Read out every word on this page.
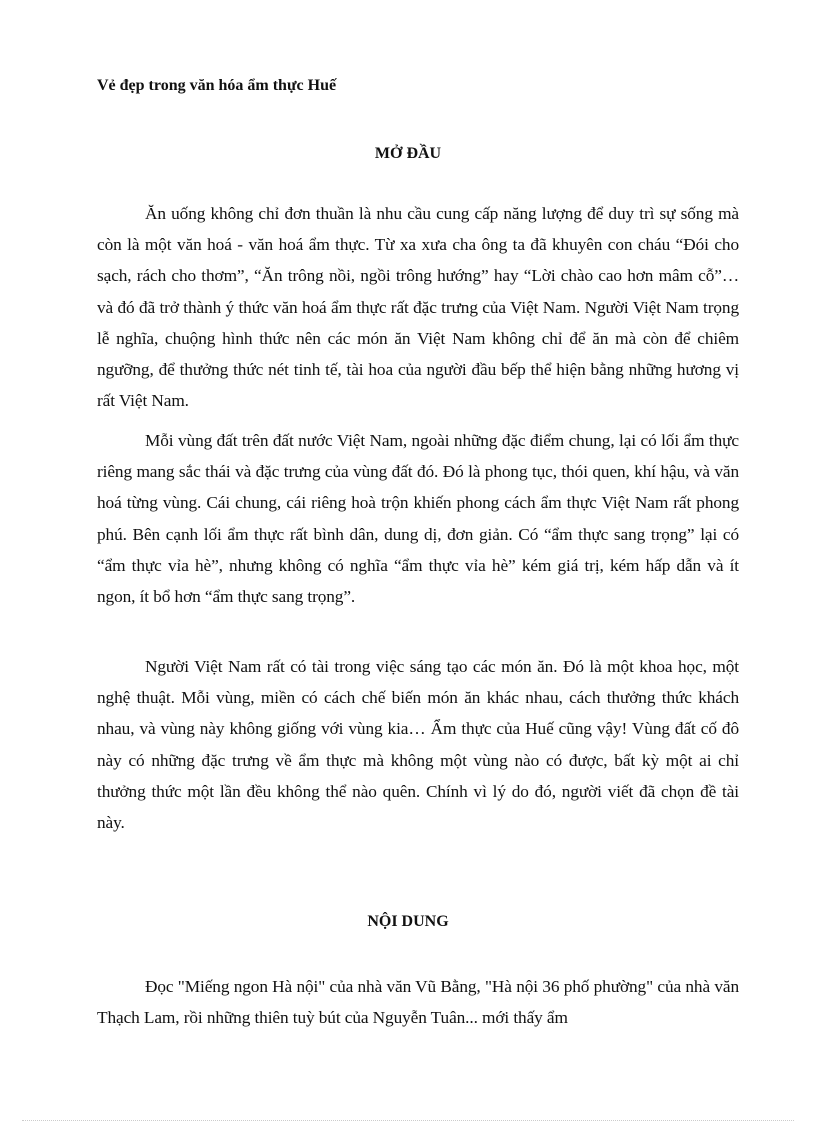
Vẻ đẹp trong văn hóa ẩm thực Huế
MỞ ĐẦU

Ăn uống không chỉ đơn thuần là nhu cầu cung cấp năng lượng để duy trì sự sống mà còn là một văn hoá - văn hoá ẩm thực. Từ xa xưa cha ông ta đã khuyên con cháu “Đói cho sạch, rách cho thơm”, “Ăn trông nồi, ngồi trông hướng” hay “Lời chào cao hơn mâm cỗ”… và đó đã trở thành ý thức văn hoá ẩm thực rất đặc trưng của Việt Nam. Người Việt Nam trọng lễ nghĩa, chuộng hình thức nên các món ăn Việt Nam không chỉ để ăn mà còn để chiêm ngưỡng, để thưởng thức nét tinh tế, tài hoa của người đầu bếp thể hiện bằng những hương vị rất Việt Nam.

Mỗi vùng đất trên đất nước Việt Nam, ngoài những đặc điểm chung, lại có lối ẩm thực riêng mang sắc thái và đặc trưng của vùng đất đó. Đó là phong tục, thói quen, khí hậu, và văn hoá từng vùng. Cái chung, cái riêng hoà trộn khiến phong cách ẩm thực Việt Nam rất phong phú. Bên cạnh lối ẩm thực rất bình dân, dung dị, đơn giản. Có “ẩm thực sang trọng” lại có “ẩm thực vỉa hè”, nhưng không có nghĩa “ẩm thực vỉa hè” kém giá trị, kém hấp dẫn và ít ngon, ít bổ hơn “ẩm thực sang trọng”.

Người Việt Nam rất có tài trong việc sáng tạo các món ăn. Đó là một khoa học, một nghệ thuật. Mỗi vùng, miền có cách chế biến món ăn khác nhau, cách thưởng thức khách nhau, và vùng này không giống với vùng kia… Ẩm thực của Huế cũng vậy! Vùng đất cố đô này có những đặc trưng về ẩm thực mà không một vùng nào có được, bất kỳ một ai chỉ thưởng thức một lần đều không thể nào quên. Chính vì lý do đó, người viết đã chọn đề tài này.

NỘI DUNG

Đọc "Miếng ngon Hà nội" của nhà văn Vũ Bằng, "Hà nội 36 phố phường" của nhà văn Thạch Lam, rồi những thiên tuỳ bút của Nguyễn Tuân... mới thấy ẩm
